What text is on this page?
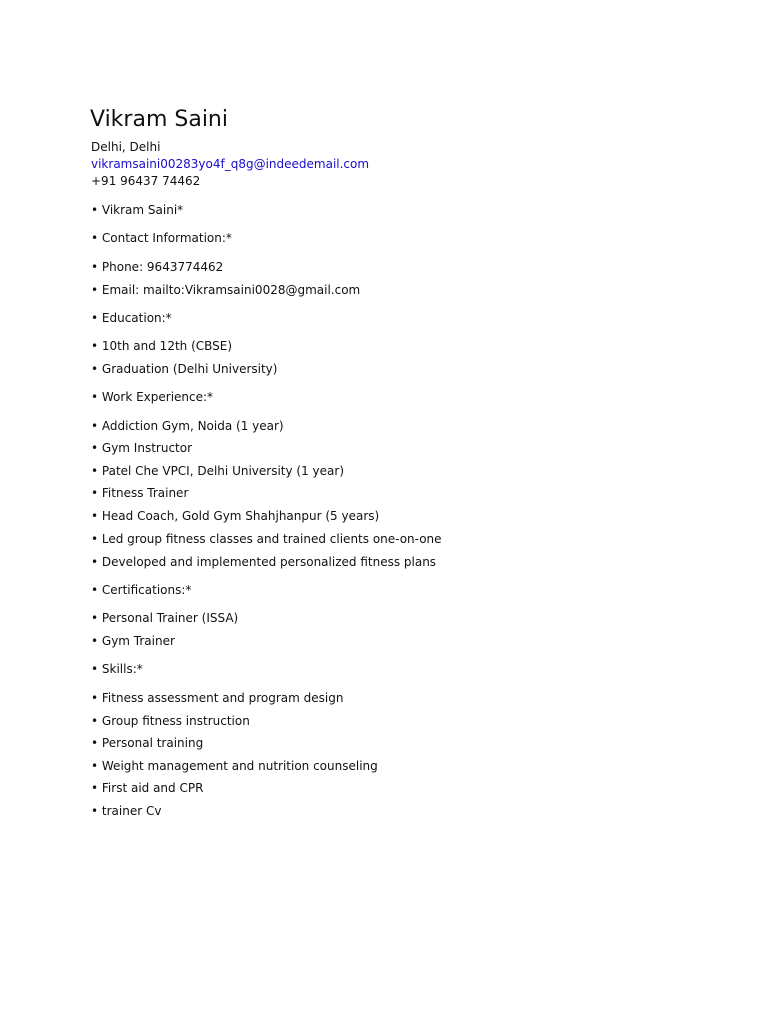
Vikram Saini
Delhi, Delhi
vikramsaini00283yo4f_q8g@indeedemail.com
+91 96437 74462
• Vikram Saini*
• Contact Information:*
• Phone: 9643774462
• Email: mailto:Vikramsaini0028@gmail.com
• Education:*
• 10th and 12th (CBSE)
• Graduation (Delhi University)
• Work Experience:*
• Addiction Gym, Noida (1 year)
• Gym Instructor
• Patel Che VPCI, Delhi University (1 year)
• Fitness Trainer
• Head Coach, Gold Gym Shahjhanpur (5 years)
• Led group fitness classes and trained clients one-on-one
• Developed and implemented personalized fitness plans
• Certifications:*
• Personal Trainer (ISSA)
• Gym Trainer
• Skills:*
• Fitness assessment and program design
• Group fitness instruction
• Personal training
• Weight management and nutrition counseling
• First aid and CPR
• trainer Cv
